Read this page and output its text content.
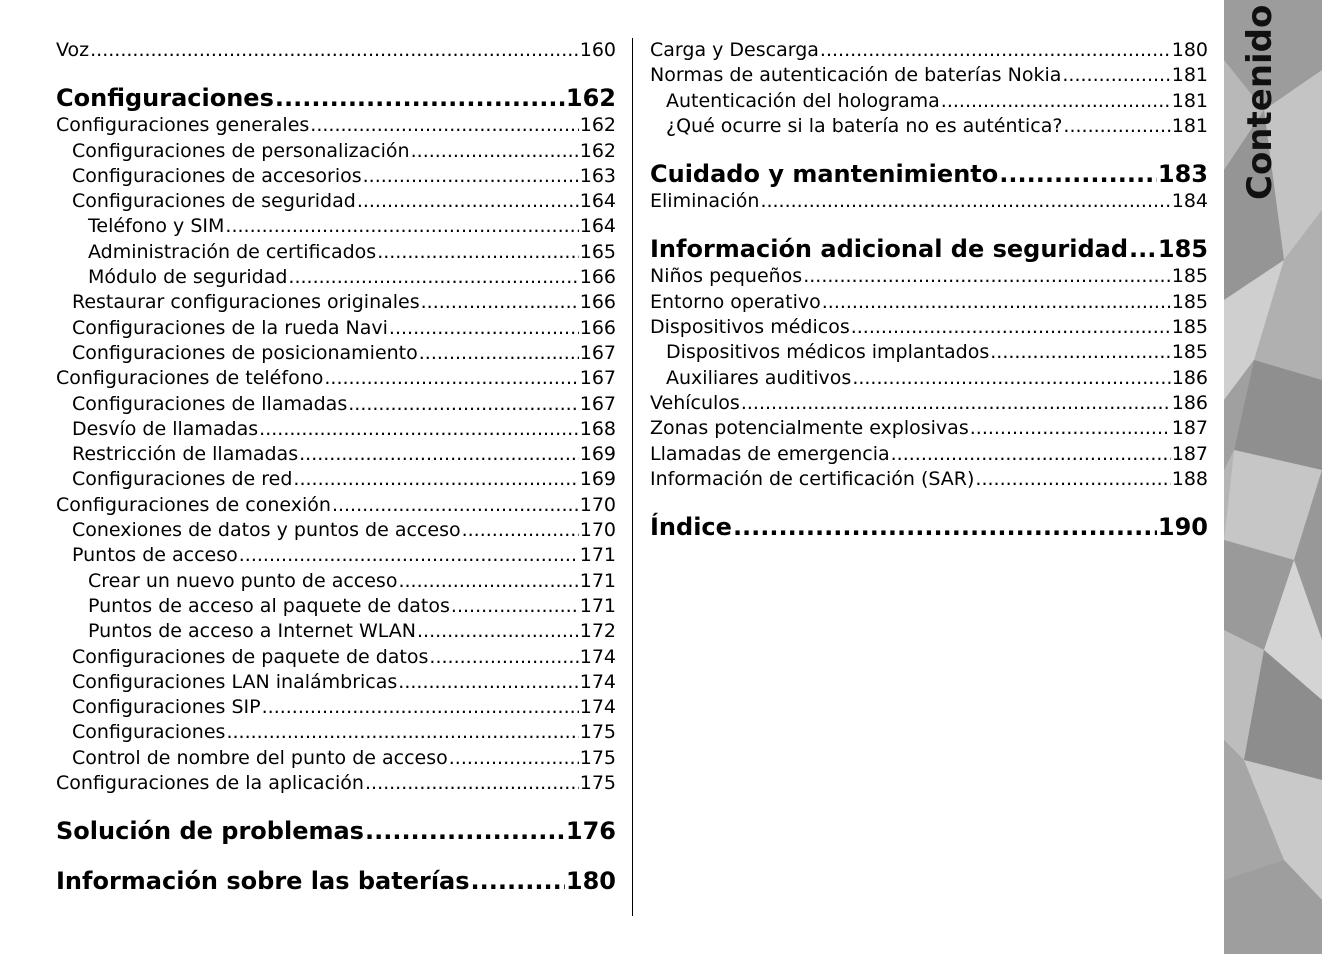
Voz .....	160
Configuraciones .....	162
Configuraciones generales .....	162
Configuraciones de personalización .....	162
Configuraciones de accesorios .....	163
Configuraciones de seguridad .....	164
Teléfono y SIM .....	164
Administración de certificados .....	165
Módulo de seguridad .....	166
Restaurar configuraciones originales .....	166
Configuraciones de la rueda Navi .....	166
Configuraciones de posicionamiento .....	167
Configuraciones de teléfono .....	167
Configuraciones de llamadas .....	167
Desvío de llamadas .....	168
Restricción de llamadas .....	169
Configuraciones de red .....	169
Configuraciones de conexión .....	170
Conexiones de datos y puntos de acceso .....	170
Puntos de acceso .....	171
Crear un nuevo punto de acceso .....	171
Puntos de acceso al paquete de datos .....	171
Puntos de acceso a Internet WLAN .....	172
Configuraciones de paquete de datos .....	174
Configuraciones LAN inalámbricas .....	174
Configuraciones SIP .....	174
Configuraciones .....	175
Control de nombre del punto de acceso .....	175
Configuraciones de la aplicación .....	175
Solución de problemas .....	176
Información sobre las baterías .....	180
Carga y Descarga .....	180
Normas de autenticación de baterías Nokia .....	181
Autenticación del holograma .....	181
¿Qué ocurre si la batería no es auténtica? .....	181
Cuidado y mantenimiento .....	183
Eliminación .....	184
Información adicional de seguridad ..... 185
Niños pequeños .....	185
Entorno operativo .....	185
Dispositivos médicos .....	185
Dispositivos médicos implantados .....	185
Auxiliares auditivos .....	186
Vehículos .....	186
Zonas potencialmente explosivas .....	187
Llamadas de emergencia .....	187
Información de certificación (SAR) .....	188
Índice .....	190
Contenido
